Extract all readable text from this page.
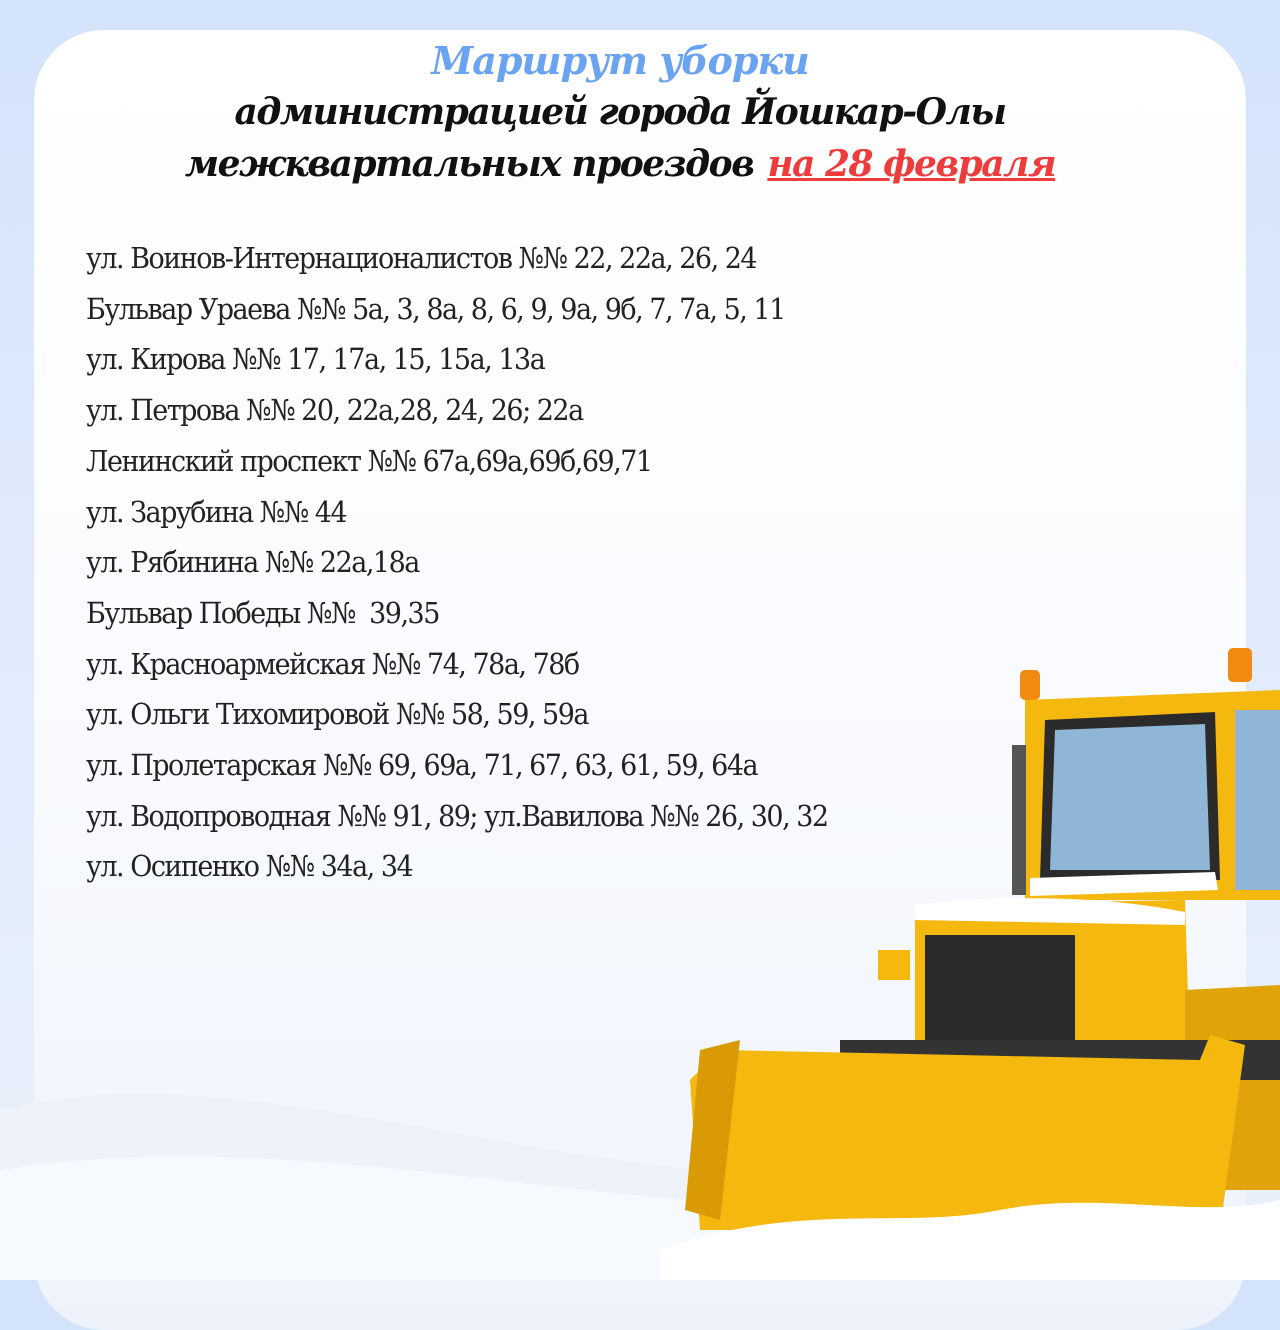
Маршрут уборки
администрацией города Йошкар-Олы
межквартальных проездов на 28 февраля
ул. Воинов-Интернационалистов №№ 22, 22а, 26, 24
Бульвар Ураева №№ 5а, 3, 8а, 8, 6, 9, 9а, 9б, 7, 7а, 5, 11
ул. Кирова №№ 17, 17а, 15, 15а, 13а
ул. Петрова №№ 20, 22а,28, 24, 26; 22а
Ленинский проспект №№ 67а,69а,69б,69,71
ул. Зарубина №№ 44
ул. Рябинина №№ 22а,18а
Бульвар Победы №№  39,35
ул. Красноармейская №№ 74, 78а, 78б
ул. Ольги Тихомировой №№ 58, 59, 59а
ул. Пролетарская №№ 69, 69а, 71, 67, 63, 61, 59, 64а
ул. Водопроводная №№ 91, 89; ул.Вавилова №№ 26, 30, 32
ул. Осипенко №№ 34а, 34
